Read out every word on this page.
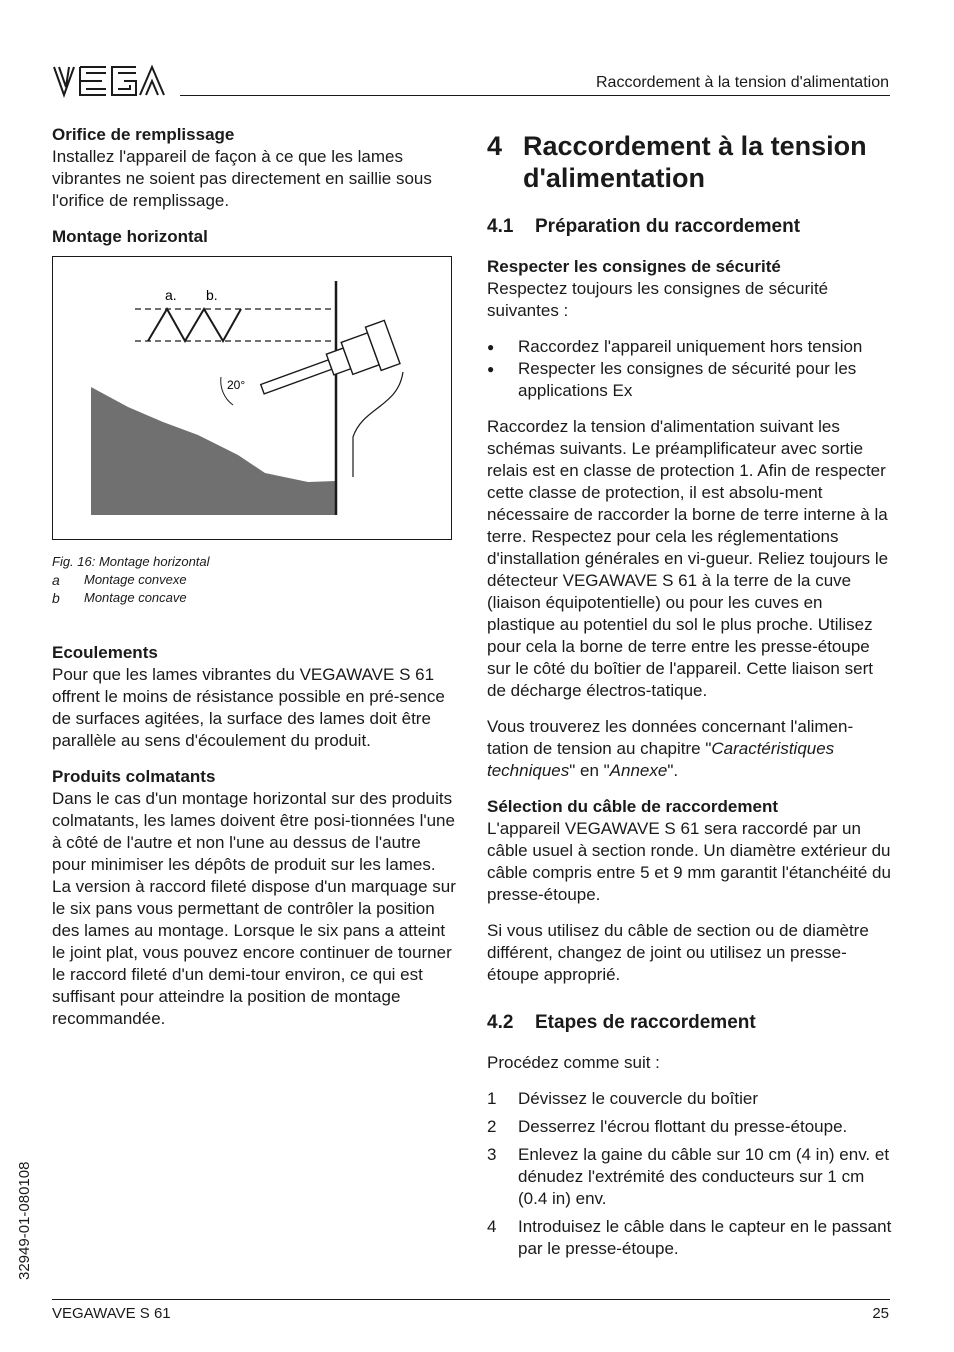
Raccordement à la tension d'alimentation

Orifice de remplissage

Installez l'appareil de façon à ce que les lames vibrantes ne soient pas directement en saillie sous l'orifice de remplissage.

Montage horizontal

a. b.
20°
Fig. 16: Montage horizontal
a	Montage convexe
b	Montage concave

Ecoulements

Pour que les lames vibrantes du VEGAWAVE S 61 offrent le moins de résistance possible en pré-sence de surfaces agitées, la surface des lames doit être parallèle au sens d'écoulement du produit.

Produits colmatants

Dans le cas d'un montage horizontal sur des produits colmatants, les lames doivent être posi-tionnées l'une à côté de l'autre et non l'une au dessus de l'autre pour minimiser les dépôts de produit sur les lames. La version à raccord fileté dispose d'un marquage sur le six pans vous permettant de contrôler la position des lames au montage. Lorsque le six pans a atteint le joint plat, vous pouvez encore continuer de tourner le raccord fileté d'un demi-tour environ, ce qui est suffisant pour atteindre la position de montage recommandée.

4 Raccordement à la tension d'alimentation
4.1	Préparation du raccordement

Respecter les consignes de sécurité

Respectez toujours les consignes de sécurité suivantes :

● Raccordez l'appareil uniquement hors tension
● Respecter les consignes de sécurité pour les applications Ex

Raccordez la tension d'alimentation suivant les schémas suivants. Le préamplificateur avec sortie relais est en classe de protection 1. Afin de respecter cette classe de protection, il est absolu-ment nécessaire de raccorder la borne de terre interne à la terre. Respectez pour cela les réglementations d'installation générales en vi-gueur. Reliez toujours le détecteur VEGAWAVE S 61 à la terre de la cuve (liaison équipotentielle) ou pour les cuves en plastique au potentiel du sol le plus proche. Utilisez pour cela la borne de terre entre les presse-étoupe sur le côté du boîtier de l'appareil. Cette liaison sert de décharge électros-tatique.

Vous trouverez les données concernant l'alimen-tation de tension au chapitre "Caractéristiques techniques" en "Annexe".

Sélection du câble de raccordement

L'appareil VEGAWAVE S 61 sera raccordé par un câble usuel à section ronde. Un diamètre extérieur du câble compris entre 5 et 9 mm garantit l'étanchéité du presse-étoupe.

Si vous utilisez du câble de section ou de diamètre différent, changez de joint ou utilisez un presse-étoupe approprié.

4.2	Etapes de raccordement

Procédez comme suit :

1	Dévissez le couvercle du boîtier
2	Desserrez l'écrou flottant du presse-étoupe.
3	Enlevez la gaine du câble sur 10 cm (4 in) env. et dénudez l'extrémité des conducteurs sur 1 cm (0.4 in) env.
4	Introduisez le câble dans le capteur en le passant par le presse-étoupe.
32949-01-080108
VEGAWAVE S 61	25
